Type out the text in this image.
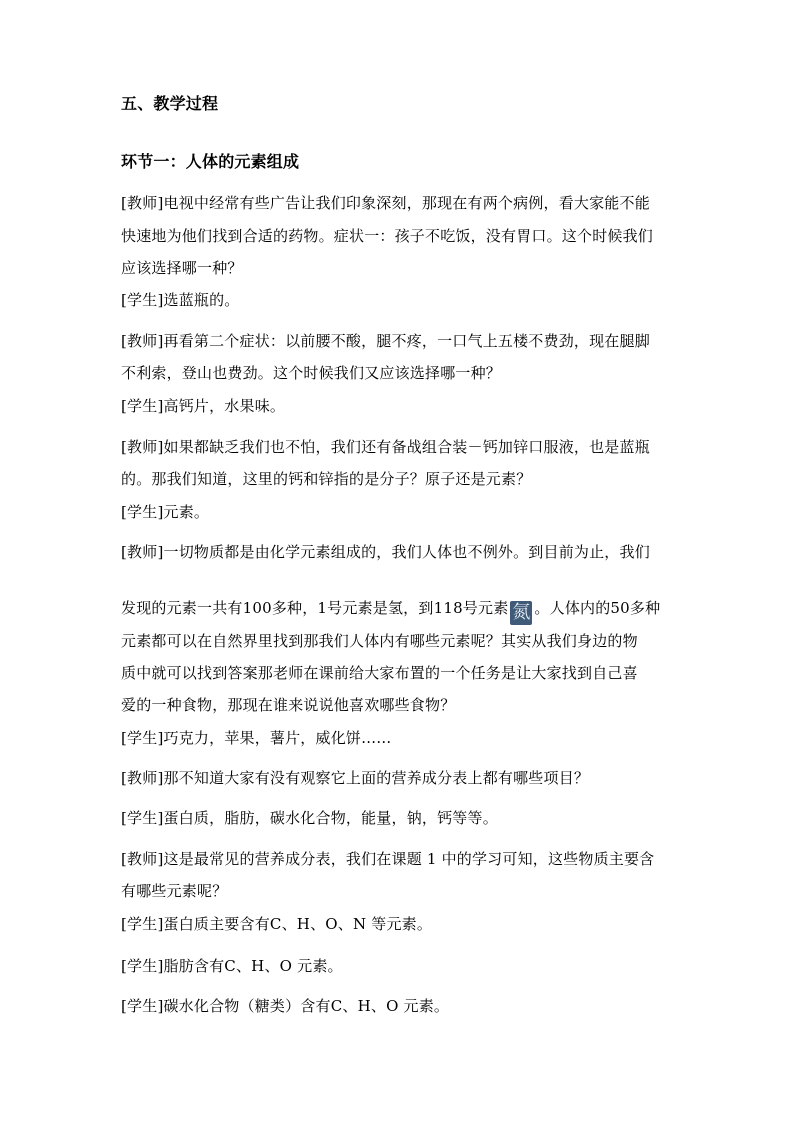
五、教学过程
环节一：人体的元素组成
[教师]电视中经常有些广告让我们印象深刻，那现在有两个病例，看大家能不能
快速地为他们找到合适的药物。症状一：孩子不吃饭，没有胃口。这个时候我们
应该选择哪一种？
[学生]选蓝瓶的。
[教师]再看第二个症状：以前腰不酸，腿不疼，一口气上五楼不费劲，现在腿脚
不利索，登山也费劲。这个时候我们又应该选择哪一种？
[学生]高钙片，水果味。
[教师]如果都缺乏我们也不怕，我们还有备战组合装－钙加锌口服液，也是蓝瓶
的。那我们知道，这里的钙和锌指的是分子？原子还是元素？
[学生]元素。
[教师]一切物质都是由化学元素组成的，我们人体也不例外。到目前为止，我们
发现的元素一共有100多种，1号元素是氢，到118号元素 氮 。人体内的50多种
元素都可以在自然界里找到那我们人体内有哪些元素呢？其实从我们身边的物
质中就可以找到答案那老师在课前给大家布置的一个任务是让大家找到自己喜
爱的一种食物，那现在谁来说说他喜欢哪些食物？
[学生]巧克力，苹果，薯片，威化饼……
[教师]那不知道大家有没有观察它上面的营养成分表上都有哪些项目？
[学生]蛋白质，脂肪，碳水化合物，能量，钠，钙等等。
[教师]这是最常见的营养成分表，我们在课题 1 中的学习可知，这些物质主要含
有哪些元素呢？
[学生]蛋白质主要含有C、H、O、N 等元素。
[学生]脂肪含有C、H、O 元素。
[学生]碳水化合物（糖类）含有C、H、O 元素。
